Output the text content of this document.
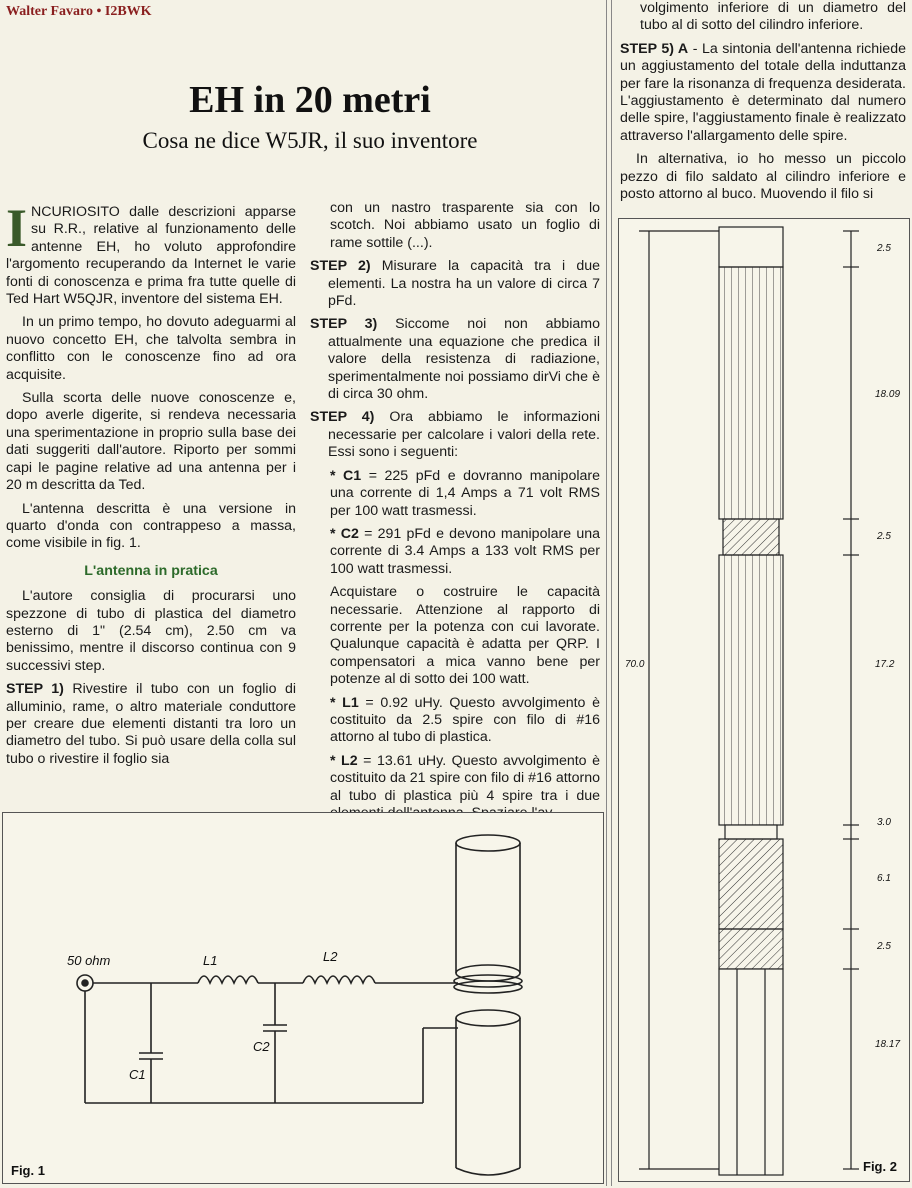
Walter Favaro • I2BWK
EH in 20 metri
Cosa ne dice W5JR, il suo inventore

INCURIOSITO dalle descrizioni apparse su R.R., relative al funzionamento delle antenne EH, ho voluto approfondire l'argomento recuperando da Internet le varie fonti di conoscenza e prima fra tutte quelle di Ted Hart W5QJR, inventore del sistema EH.

In un primo tempo, ho dovuto adeguarmi al nuovo concetto EH, che talvolta sembra in conflitto con le conoscenze fino ad ora acquisite.

Sulla scorta delle nuove conoscenze e, dopo averle digerite, si rendeva necessaria una sperimentazione in proprio sulla base dei dati suggeriti dall'autore. Riporto per sommi capi le pagine relative ad una antenna per i 20 m descritta da Ted.

L'antenna descritta è una versione in quarto d'onda con contrappeso a massa, come visibile in fig. 1.

L'antenna in pratica

L'autore consiglia di procurarsi uno spezzone di tubo di plastica del diametro esterno di 1" (2.54 cm), 2.50 cm va benissimo, mentre il discorso continua con 9 successivi step.

STEP 1) Rivestire il tubo con un foglio di alluminio, rame, o altro materiale conduttore per creare due elementi distanti tra loro un diametro del tubo. Si può usare della colla sul tubo o rivestire il foglio sia

con un nastro trasparente sia con lo scotch. Noi abbiamo usato un foglio di rame sottile (...).

STEP 2) Misurare la capacità tra i due elementi. La nostra ha un valore di circa 7 pFd.

STEP 3) Siccome noi non abbiamo attualmente una equazione che predica il valore della resistenza di radiazione, sperimentalmente noi possiamo dirVi che è di circa 30 ohm.

STEP 4) Ora abbiamo le informazioni necessarie per calcolare i valori della rete. Essi sono i seguenti:

* C1 = 225 pFd e dovranno manipolare una corrente di 1,4 Amps a 71 volt RMS per 100 watt trasmessi.

* C2 = 291 pFd e devono manipolare una corrente di 3.4 Amps a 133 volt RMS per 100 watt trasmessi.

Acquistare o costruire le capacità necessarie. Attenzione al rapporto di corrente per la potenza con cui lavorate. Qualunque capacità è adatta per QRP. I compensatori a mica vanno bene per potenze al di sotto dei 100 watt.

* L1 = 0.92 uHy. Questo avvolgimento è costituito da 2.5 spire con filo di #16 attorno al tubo di plastica.

* L2 = 13.61 uHy. Questo avvolgimento è costituito da 21 spire con filo di #16 attorno al tubo di plastica più 4 spire tra i due

volgimento inferiore di un diametro del tubo al di sotto del cilindro inferiore.

STEP 5) A - La sintonia dell'antenna richiede un aggiustamento del totale della induttanza per fare la risonanza di frequenza desiderata. L'aggiustamento è determinato dal numero delle spire, l'aggiustamento finale è realizzato attraverso l'allargamento delle spire.

In alternativa, io ho messo un piccolo pezzo di filo saldato al cilindro inferiore e posto attorno al buco. Muovendo il filo si

50 ohm	L1	L2
C1
C2
Fig. 1
2.5
18.09
2.5
17.2
3.0
6.1
2.5
18.17
70.0
Fig. 2
